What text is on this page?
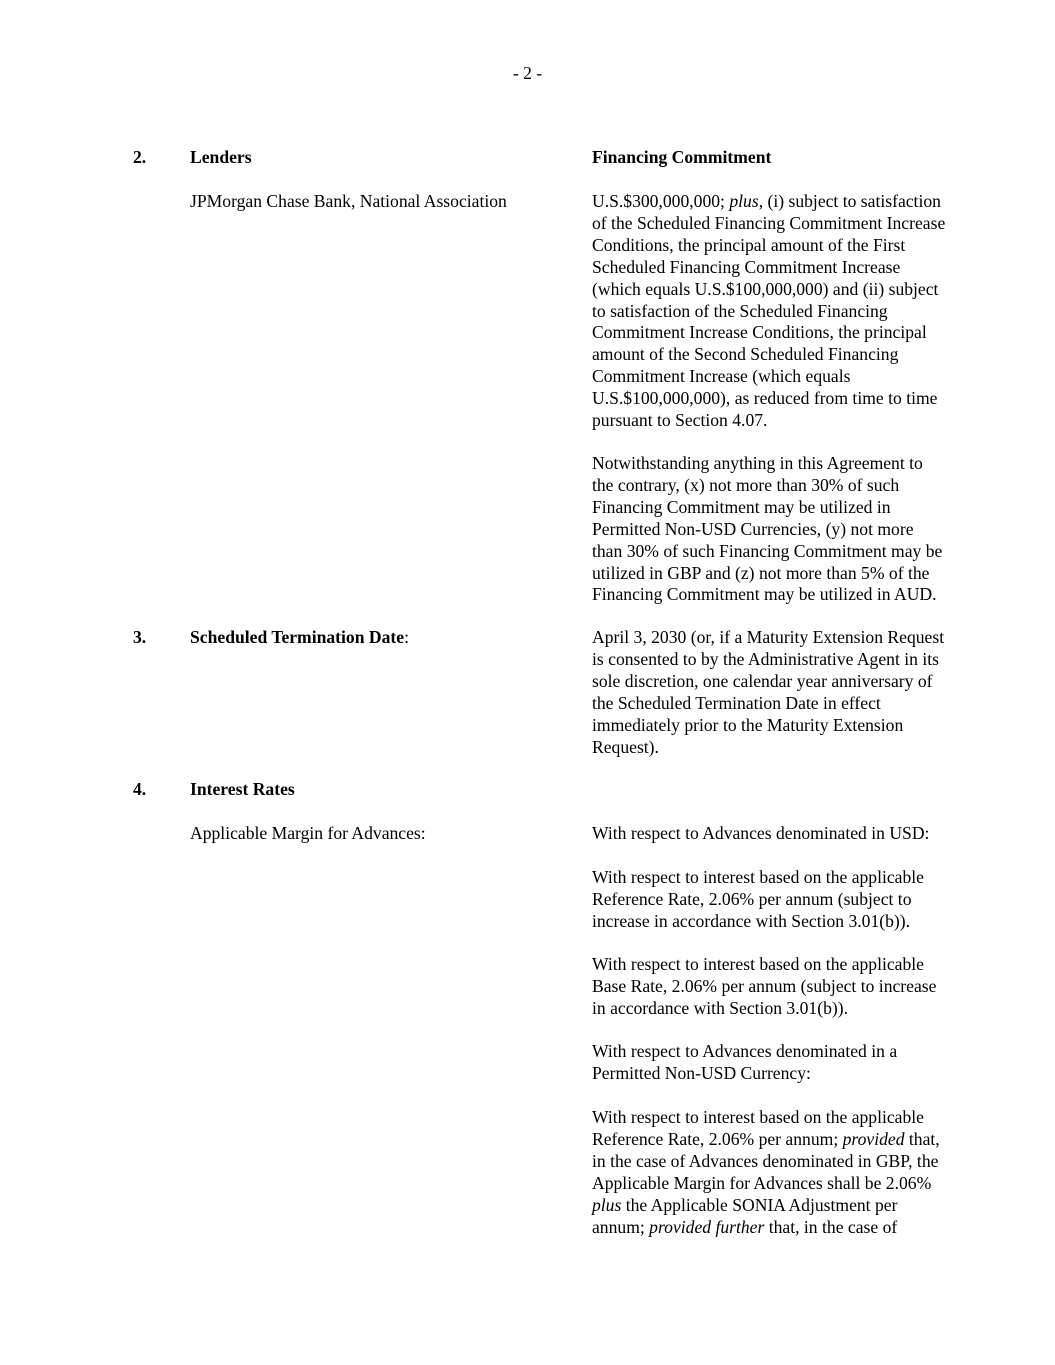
- 2 -
2. Lenders	Financing Commitment
JPMorgan Chase Bank, National Association	U.S.$300,000,000; plus, (i) subject to satisfaction
of the Scheduled Financing Commitment Increase
Conditions, the principal amount of the First
Scheduled Financing Commitment Increase
(which equals U.S.$100,000,000) and (ii) subject
to satisfaction of the Scheduled Financing
Commitment Increase Conditions, the principal
amount of the Second Scheduled Financing
Commitment Increase (which equals
U.S.$100,000,000), as reduced from time to time
pursuant to Section 4.07.
Notwithstanding anything in this Agreement to
the contrary, (x) not more than 30% of such
Financing Commitment may be utilized in
Permitted Non-USD Currencies, (y) not more
than 30% of such Financing Commitment may be
utilized in GBP and (z) not more than 5% of the
Financing Commitment may be utilized in AUD.
3. Scheduled Termination Date:	April 3, 2030 (or, if a Maturity Extension Request
is consented to by the Administrative Agent in its
sole discretion, one calendar year anniversary of
the Scheduled Termination Date in effect
immediately prior to the Maturity Extension
Request).
4. Interest Rates
Applicable Margin for Advances:	With respect to Advances denominated in USD:
With respect to interest based on the applicable
Reference Rate, 2.06% per annum (subject to
increase in accordance with Section 3.01(b)).
With respect to interest based on the applicable
Base Rate, 2.06% per annum (subject to increase
in accordance with Section 3.01(b)).
With respect to Advances denominated in a
Permitted Non-USD Currency:
With respect to interest based on the applicable
Reference Rate, 2.06% per annum; provided that,
in the case of Advances denominated in GBP, the
Applicable Margin for Advances shall be 2.06%
plus the Applicable SONIA Adjustment per
annum; provided further that, in the case of
